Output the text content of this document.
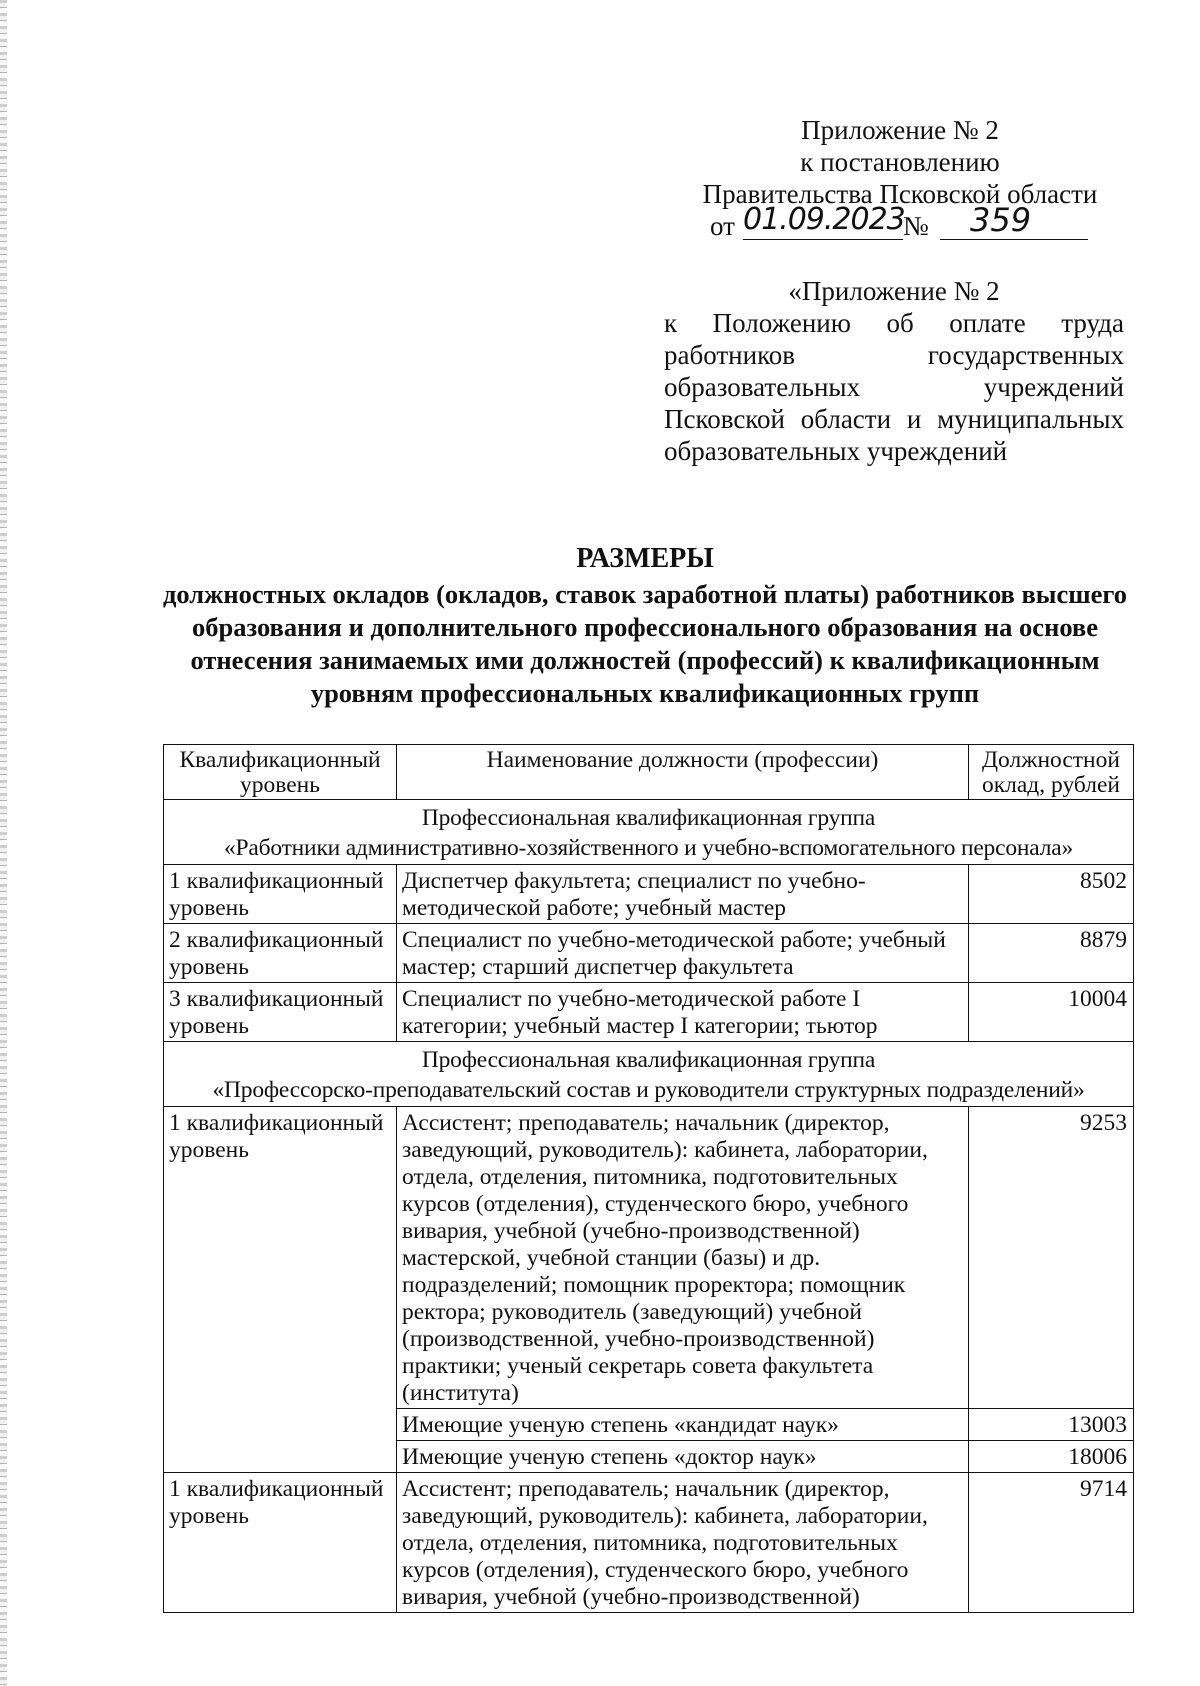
Приложение № 2
к постановлению
Правительства Псковской области
от 01.09.2023
№	359
«Приложение № 2
к Положению об оплате труда работников государственных образовательных учреждений Псковской области и муниципальных образовательных учреждений
РАЗМЕРЫ
должностных окладов (окладов, ставок заработной платы) работников высшего образования и дополнительного профессионального образования на основе отнесения занимаемых ими должностей (профессий) к квалификационным уровням профессиональных квалификационных групп
Квалификационный уровень	Наименование должности (профессии)	Должностной оклад, рублей

Профессиональная квалификационная группа
«Работники административно-хозяйственного и учебно-вспомогательного персонала»		

1 квалификационный уровень	Диспетчер факультета; специалист по учебно-методической работе; учебный мастер	8502
2 квалификационный уровень	Специалист по учебно-методической работе; учебный мастер; старший диспетчер факультета	8879
3 квалификационный уровень	Специалист по учебно-методической работе I категории; учебный мастер I категории; тьютор	10004

Профессиональная квалификационная группа
«Профессорско-преподавательский состав и руководители структурных подразделений»		

1 квалификационный уровень	Ассистент; преподаватель; начальник (директор, заведующий, руководитель): кабинета, лаборатории, отдела, отделения, питомника, подготовительных курсов (отделения), студенческого бюро, учебного вивария, учебной (учебно-производственной) мастерской, учебной станции (базы) и др. подразделений; помощник проректора; помощник ректора; руководитель (заведующий) учебной (производственной, учебно-производственной) практики; ученый секретарь совета факультета (института)	9253
	Имеющие ученую степень «кандидат наук»	13003
	Имеющие ученую степень «доктор наук»	18006
1 квалификационный уровень	Ассистент; преподаватель; начальник (директор, заведующий, руководитель): кабинета, лаборатории, отдела, отделения, питомника, подготовительных курсов (отделения), студенческого бюро, учебного вивария, учебной (учебно-производственной)	9714
